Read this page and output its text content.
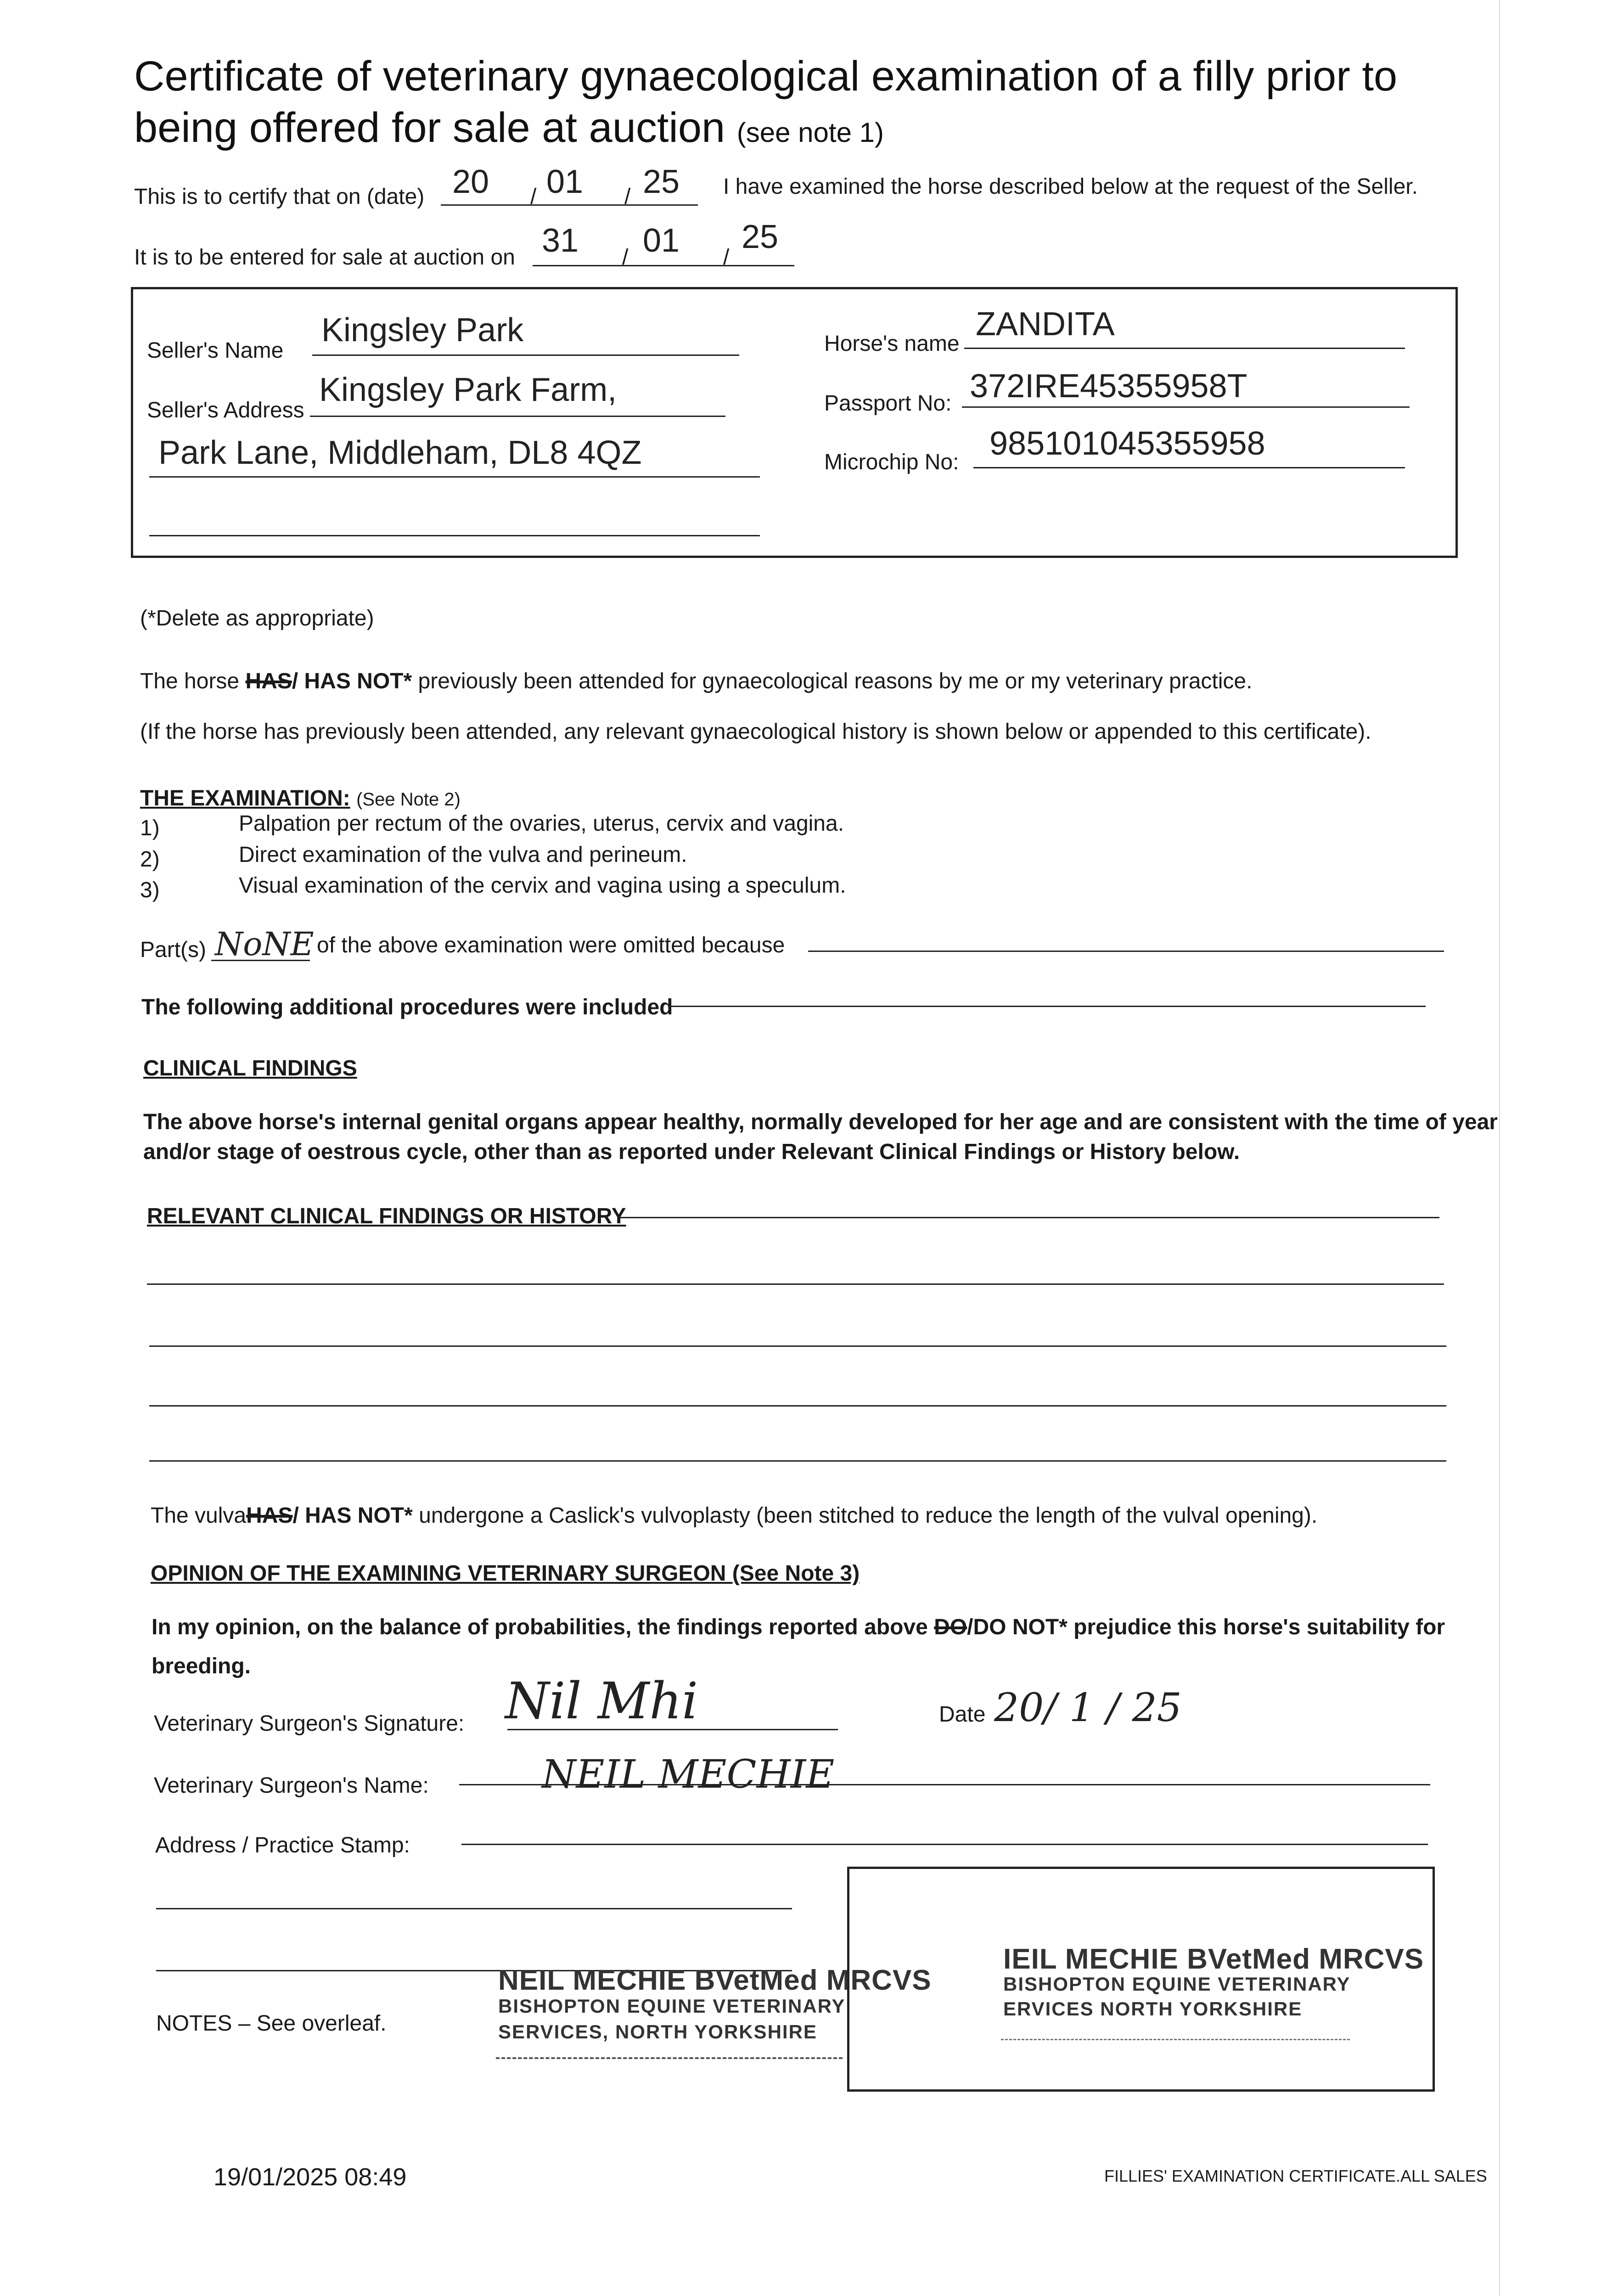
Certificate of veterinary gynaecological examination of a filly prior to
being offered for sale at auction (see note 1)
This is to certify that on (date) 20 / 01 / 25 I have examined the horse described below at the request of the Seller.
It is to be entered for sale at auction on 31 / 01 /
25
Seller's Name
Kingsley Park
Seller's Address
Kingsley Park Farm,
Park Lane, Middleham, DL8 4QZ
Horse's name
ZANDITA
Passport No: 372IRE45355958T
Microchip No:
985101045355958
(*Delete as appropriate)
The horse HAS/ HAS NOT* previously been attended for gynaecological reasons by me or my veterinary practice.
(If the horse has previously been attended, any relevant gynaecological history is shown below or appended to this certificate).
THE EXAMINATION: (See Note 2)
1)	Palpation per rectum of the ovaries, uterus, cervix and vagina.
2)	Direct examination of the vulva and perineum.
3)	Visual examination of the cervix and vagina using a speculum.
Part(s) NoNE of the above examination were omitted because
The following additional procedures were included
CLINICAL FINDINGS
The above horse's internal genital organs appear healthy, normally developed for her age and are consistent with the time of year
and/or stage of oestrous cycle, other than as reported under Relevant Clinical Findings or History below.
RELEVANT CLINICAL FINDINGS OR HISTORY
The vulvaHAS/ HAS NOT* undergone a Caslick's vulvoplasty (been stitched to reduce the length of the vulval opening).
OPINION OF THE EXAMINING VETERINARY SURGEON (See Note 3)
In my opinion, on the balance of probabilities, the findings reported above DO/DO NOT* prejudice this horse's suitability for
breeding.
Veterinary Surgeon's Signature: Nil Mhi	Date 20/ 1 / 25
Veterinary Surgeon's Name:	NEIL MECHIE
Address / Practice Stamp:
NEIL MECHIE BVetMed MRCVS
BISHOPTON EQUINE VETERINARY
SERVICES, NORTH YORKSHIRE
IEIL MECHIE BVetMed MRCVS
BISHOPTON EQUINE VETERINARY
ERVICES NORTH YORKSHIRE
NOTES – See overleaf.
19/01/2025 08:49	FILLIES' EXAMINATION CERTIFICATE.ALL SALES
